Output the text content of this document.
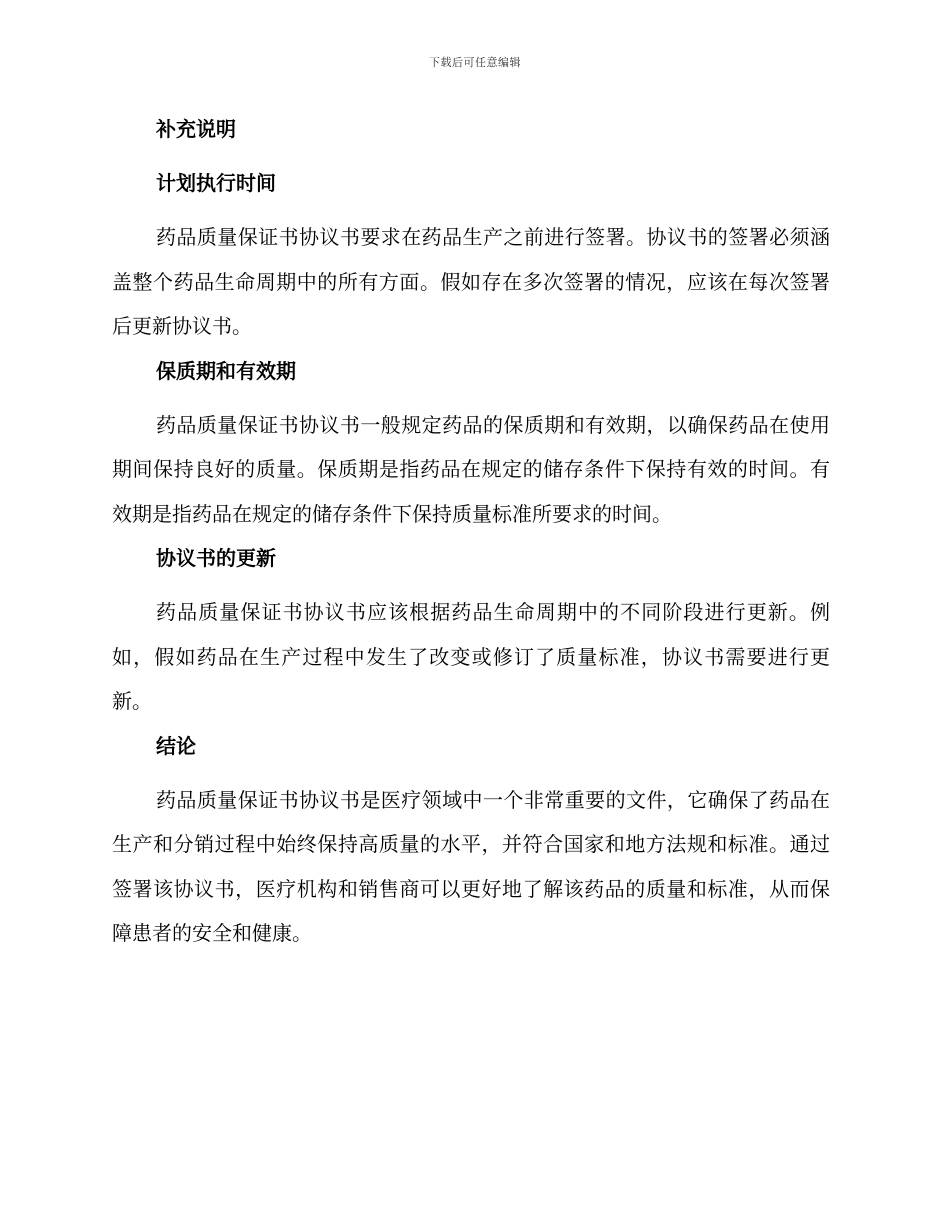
下载后可任意编辑
补充说明
计划执行时间

药品质量保证书协议书要求在药品生产之前进行签署。协议书的签署必须涵盖整个药品生命周期中的所有方面。假如存在多次签署的情况，应该在每次签署后更新协议书。

保质期和有效期

药品质量保证书协议书一般规定药品的保质期和有效期，以确保药品在使用期间保持良好的质量。保质期是指药品在规定的储存条件下保持有效的时间。有效期是指药品在规定的储存条件下保持质量标准所要求的时间。

协议书的更新

药品质量保证书协议书应该根据药品生命周期中的不同阶段进行更新。例如，假如药品在生产过程中发生了改变或修订了质量标准，协议书需要进行更新。

结论

药品质量保证书协议书是医疗领域中一个非常重要的文件，它确保了药品在生产和分销过程中始终保持高质量的水平，并符合国家和地方法规和标准。通过签署该协议书，医疗机构和销售商可以更好地了解该药品的质量和标准，从而保障患者的安全和健康。
